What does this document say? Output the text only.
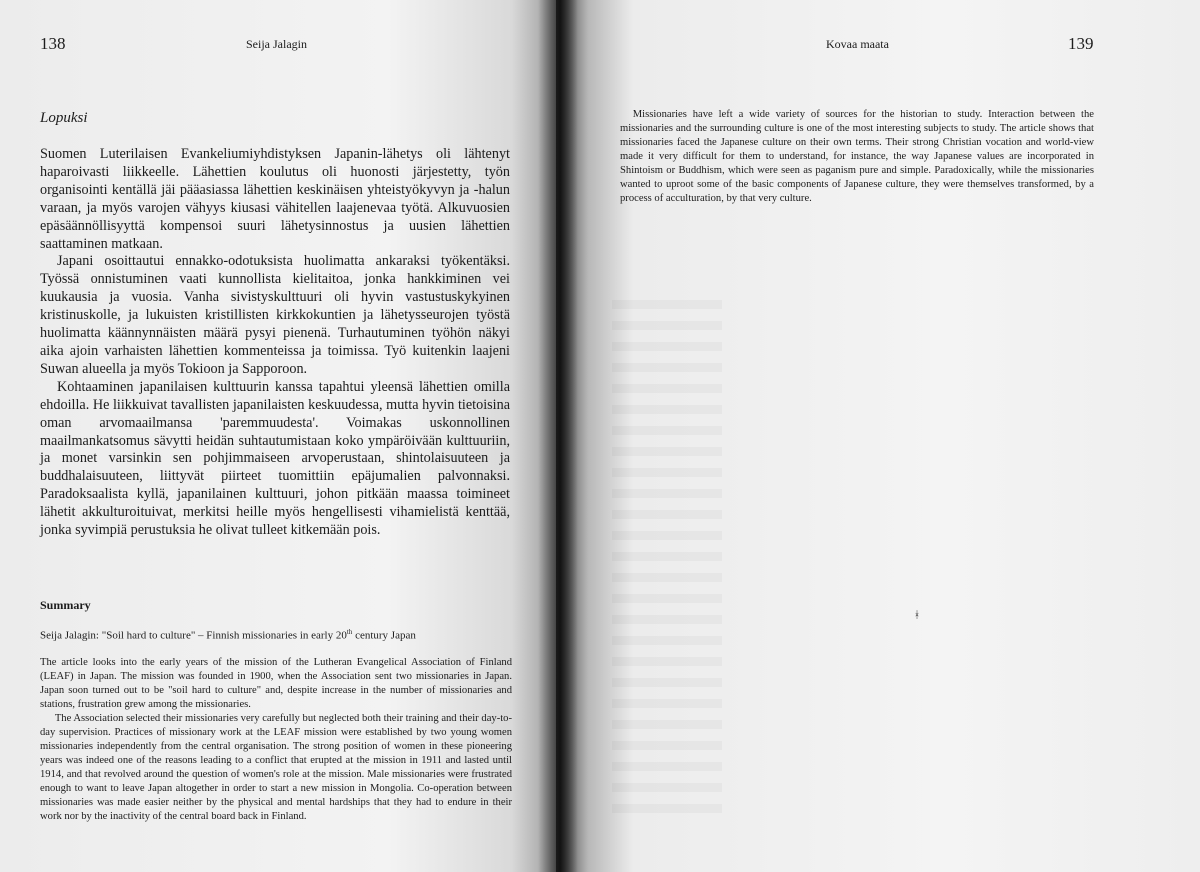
138	Seija Jalagin
Lopuksi

Suomen Luterilaisen Evankeliumiyhdistyksen Japanin-lähetys oli lähtenyt haparoivasti liikkeelle. Lähettien koulutus oli huonosti järjestetty, työn organisointi kentällä jäi pääasiassa lähettien keskinäisen yhteistyökyvyn ja -halun varaan, ja myös varojen vähyys kiusasi vähitellen laajenevaa työtä. Alkuvuosien epäsäännöllisyyttä kompensoi suuri lähetysinnostus ja uusien lähettien saattaminen matkaan.

Japani osoittautui ennakko-odotuksista huolimatta ankaraksi työkentäksi. Työssä onnistuminen vaati kunnollista kielitaitoa, jonka hankkiminen vei kuukausia ja vuosia. Vanha sivistyskulttuuri oli hyvin vastustuskykyinen kristinuskolle, ja lukuisten kristillisten kirkkokuntien ja lähetysseurojen työstä huolimatta käännynnäisten määrä pysyi pienenä. Turhautuminen työhön näkyi aika ajoin varhaisten lähettien kommenteissa ja toimissa. Työ kuitenkin laajeni Suwan alueella ja myös Tokioon ja Sapporoon.

Kohtaaminen japanilaisen kulttuurin kanssa tapahtui yleensä lähettien omilla ehdoilla. He liikkuivat tavallisten japanilaisten keskuudessa, mutta hyvin tietoisina oman arvomaailmansa 'paremmuudesta'. Voimakas uskonnollinen maailmankatsomus sävytti heidän suhtautumistaan koko ympäröivään kulttuuriin, ja monet varsinkin sen pohjimmaiseen arvoperustaan, shintolaisuuteen ja buddhalaisuuteen, liittyvät piirteet tuomittiin epäjumalien palvonnaksi. Paradoksaalista kyllä, japanilainen kulttuuri, johon pitkään maassa toimineet lähetit akkulturoituivat, merkitsi heille myös hengellisesti vihamielistä kenttää, jonka syvimpiä perustuksia he olivat tulleet kitkemään pois.

Summary
Seija Jalagin: "Soil hard to culture" – Finnish missionaries in early 20th century Japan

The article looks into the early years of the mission of the Lutheran Evangelical Association of Finland (LEAF) in Japan. The mission was founded in 1900, when the Association sent two missionaries in Japan. Japan soon turned out to be "soil hard to culture" and, despite increase in the number of missionaries and stations, frustration grew among the missionaries.

The Association selected their missionaries very carefully but neglected both their training and their day-to-day supervision. Practices of missionary work at the LEAF mission were established by two young women missionaries independently from the central organisation. The strong position of women in these pioneering years was indeed one of the reasons leading to a conflict that erupted at the mission in 1911 and lasted until 1914, and that revolved around the question of women's role at the mission. Male missionaries were frustrated enough to want to leave Japan altogether in order to start a new mission in Mongolia. Co-operation between missionaries was made easier neither by the physical and mental hardships that they had to endure in their work nor by the inactivity of the central board back in Finland.

Kovaa maata	139

Missionaries have left a wide variety of sources for the historian to study. Interaction between the missionaries and the surrounding culture is one of the most interesting subjects to study. The article shows that missionaries faced the Japanese culture on their own terms. Their strong Christian vocation and world-view made it very difficult for them to understand, for instance, the way Japanese values are incorporated in Shintoism or Buddhism, which were seen as paganism pure and simple. Paradoxically, while the missionaries wanted to uproot some of the basic components of Japanese culture, they were themselves transformed, by a process of acculturation, by that very culture.

ᚼ
